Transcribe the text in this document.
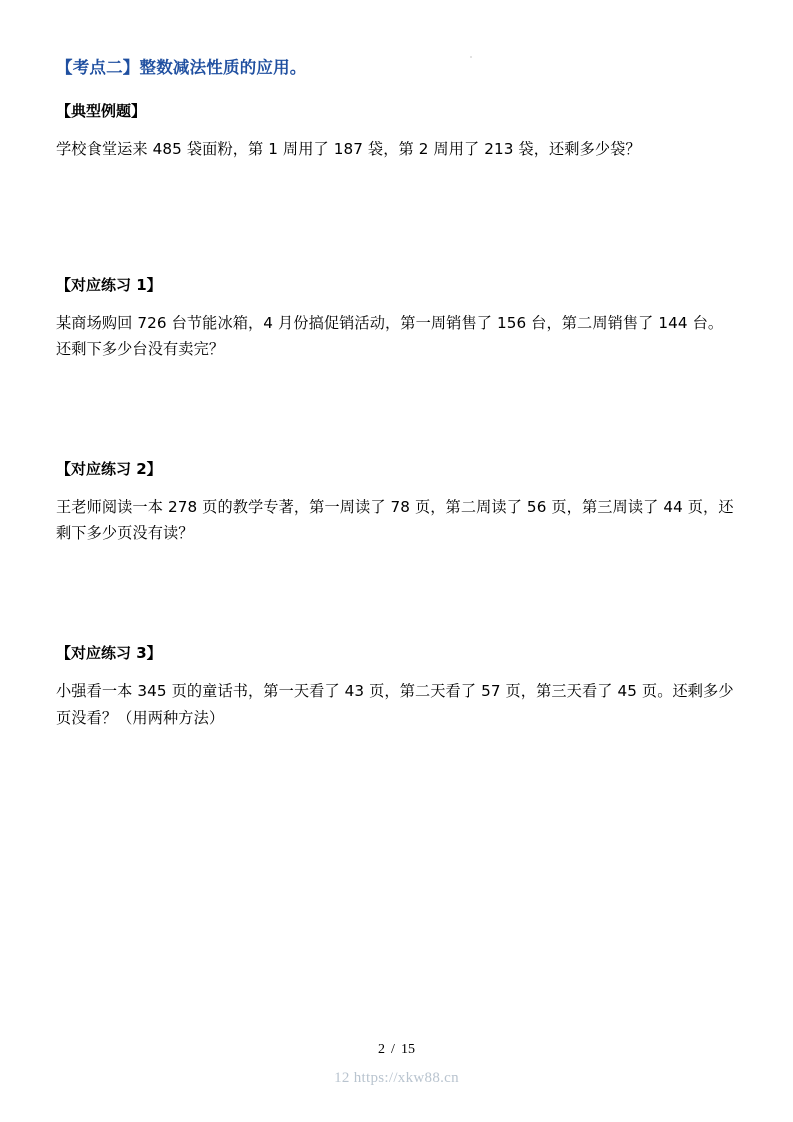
【考点二】整数减法性质的应用。
【典型例题】

学校食堂运来 485 袋面粉，第 1 周用了 187 袋，第 2 周用了 213 袋，还剩多少袋？

【对应练习 1】

某商场购回 726 台节能冰箱，4 月份搞促销活动，第一周销售了 156 台，第二周销售了 144 台。还剩下多少台没有卖完？

【对应练习 2】

王老师阅读一本 278 页的教学专著，第一周读了 78 页，第二周读了 56 页，第三周读了 44 页，还剩下多少页没有读？

【对应练习 3】

小强看一本 345 页的童话书，第一天看了 43 页，第二天看了 57 页，第三天看了 45 页。还剩多少页没看？（用两种方法）

2 / 15
12 https://xkw88.cn
